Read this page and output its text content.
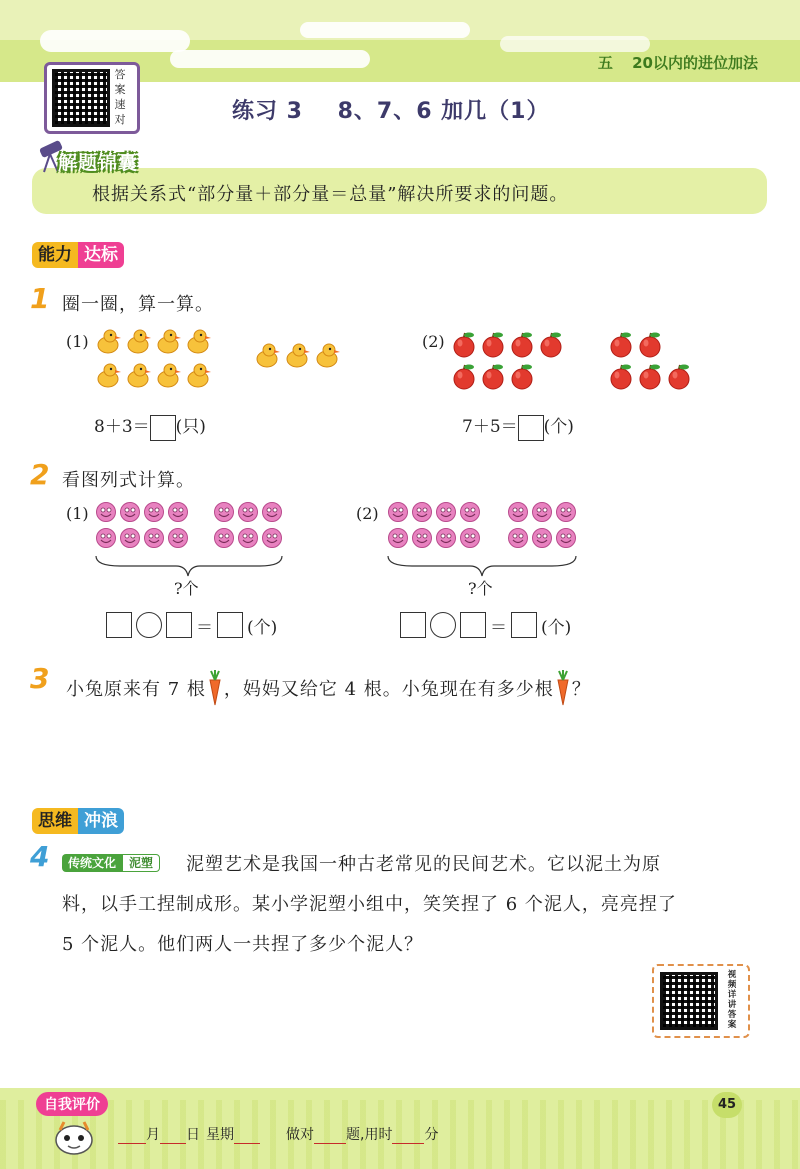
五 20以内的进位加法
答
案
速
对	练习 3    8、7、6 加几（1）
解题锦囊
根据关系式“部分量＋部分量＝总量”解决所要求的问题。
能力 达标
1 圈一圈，算一算。
(1)	(2)
8＋3＝ (只)	7＋5＝ (个)
2 看图列式计算。
(1)	(2)
?个	?个
＝ (个)	＝ (个)
3 小兔原来有 7 根 ，妈妈又给它 4 根。小兔现在有多少根 ？
思维 冲浪
4	传统文化 泥塑	泥塑艺术是我国一种古老常见的民间艺术。它以泥土为原
料，以手工捏制成形。某小学泥塑小组中，笑笑捏了 6 个泥人，亮亮捏了
5 个泥人。他们两人一共捏了多少个泥人？
视
频
详
讲
答
案
自我评价	45

月
日 星期
	做对
题,用时
分
